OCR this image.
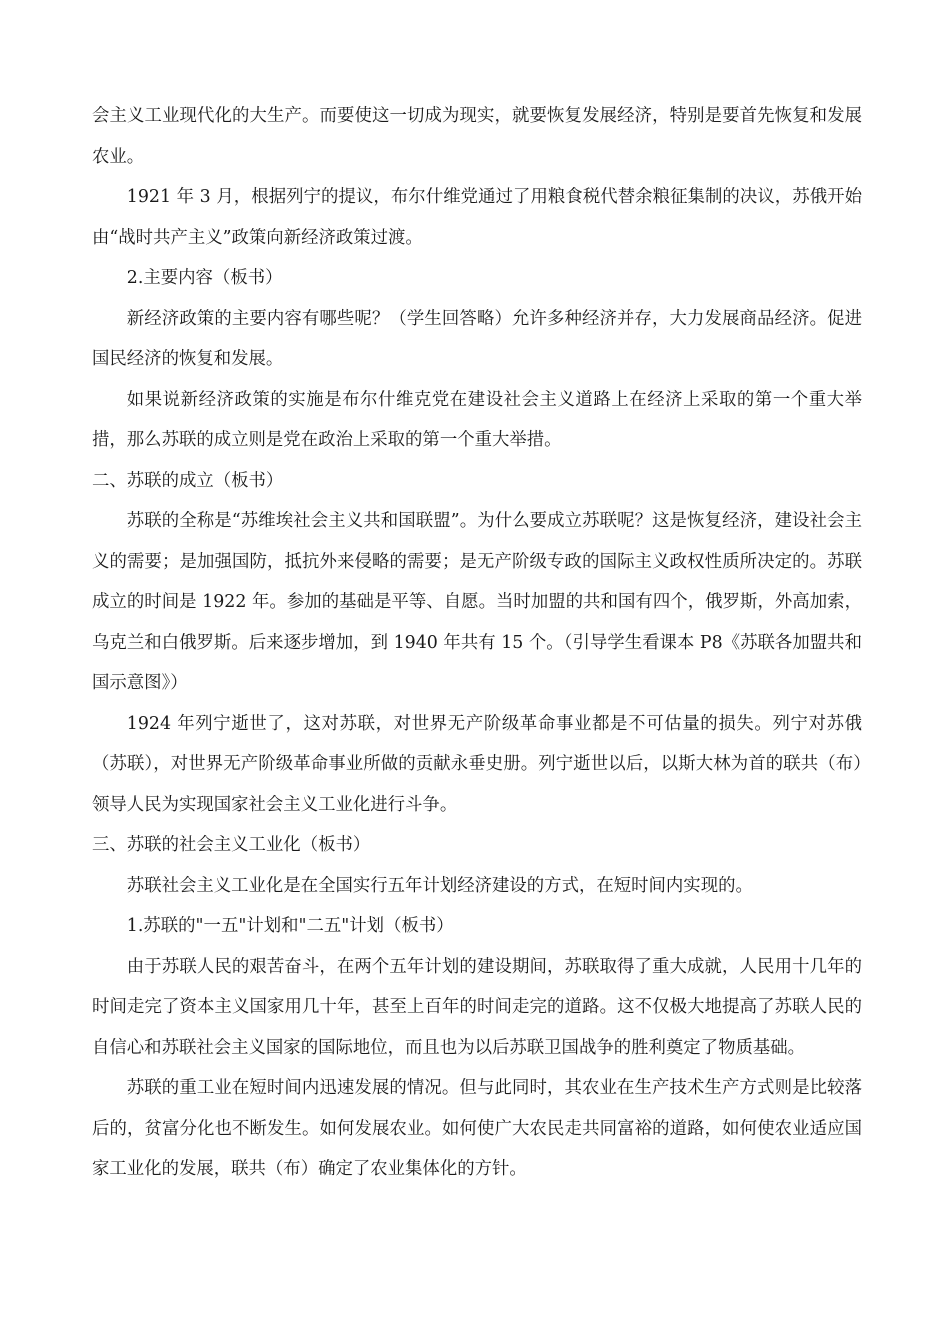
会主义工业现代化的大生产。而要使这一切成为现实，就要恢复发展经济，特别是要首先恢复和发展农业。

1921 年 3 月，根据列宁的提议，布尔什维党通过了用粮食税代替余粮征集制的决议，苏俄开始由“战时共产主义”政策向新经济政策过渡。

2.主要内容（板书）

新经济政策的主要内容有哪些呢？（学生回答略）允许多种经济并存，大力发展商品经济。促进国民经济的恢复和发展。

如果说新经济政策的实施是布尔什维克党在建设社会主义道路上在经济上采取的第一个重大举措，那么苏联的成立则是党在政治上采取的第一个重大举措。

二、苏联的成立（板书）

苏联的全称是“苏维埃社会主义共和国联盟”。为什么要成立苏联呢？这是恢复经济，建设社会主义的需要；是加强国防，抵抗外来侵略的需要；是无产阶级专政的国际主义政权性质所决定的。苏联成立的时间是 1922 年。参加的基础是平等、自愿。当时加盟的共和国有四个，俄罗斯，外高加索，乌克兰和白俄罗斯。后来逐步增加，到 1940 年共有 15 个。（引导学生看课本 P8《苏联各加盟共和国示意图》）

1924 年列宁逝世了，这对苏联，对世界无产阶级革命事业都是不可估量的损失。列宁对苏俄（苏联），对世界无产阶级革命事业所做的贡献永垂史册。列宁逝世以后，以斯大林为首的联共（布）领导人民为实现国家社会主义工业化进行斗争。

三、苏联的社会主义工业化（板书）

苏联社会主义工业化是在全国实行五年计划经济建设的方式，在短时间内实现的。

1.苏联的"一五"计划和"二五"计划（板书）

由于苏联人民的艰苦奋斗，在两个五年计划的建设期间，苏联取得了重大成就，人民用十几年的时间走完了资本主义国家用几十年，甚至上百年的时间走完的道路。这不仅极大地提高了苏联人民的自信心和苏联社会主义国家的国际地位，而且也为以后苏联卫国战争的胜利奠定了物质基础。

苏联的重工业在短时间内迅速发展的情况。但与此同时，其农业在生产技术生产方式则是比较落后的，贫富分化也不断发生。如何发展农业。如何使广大农民走共同富裕的道路，如何使农业适应国家工业化的发展，联共（布）确定了农业集体化的方针。
